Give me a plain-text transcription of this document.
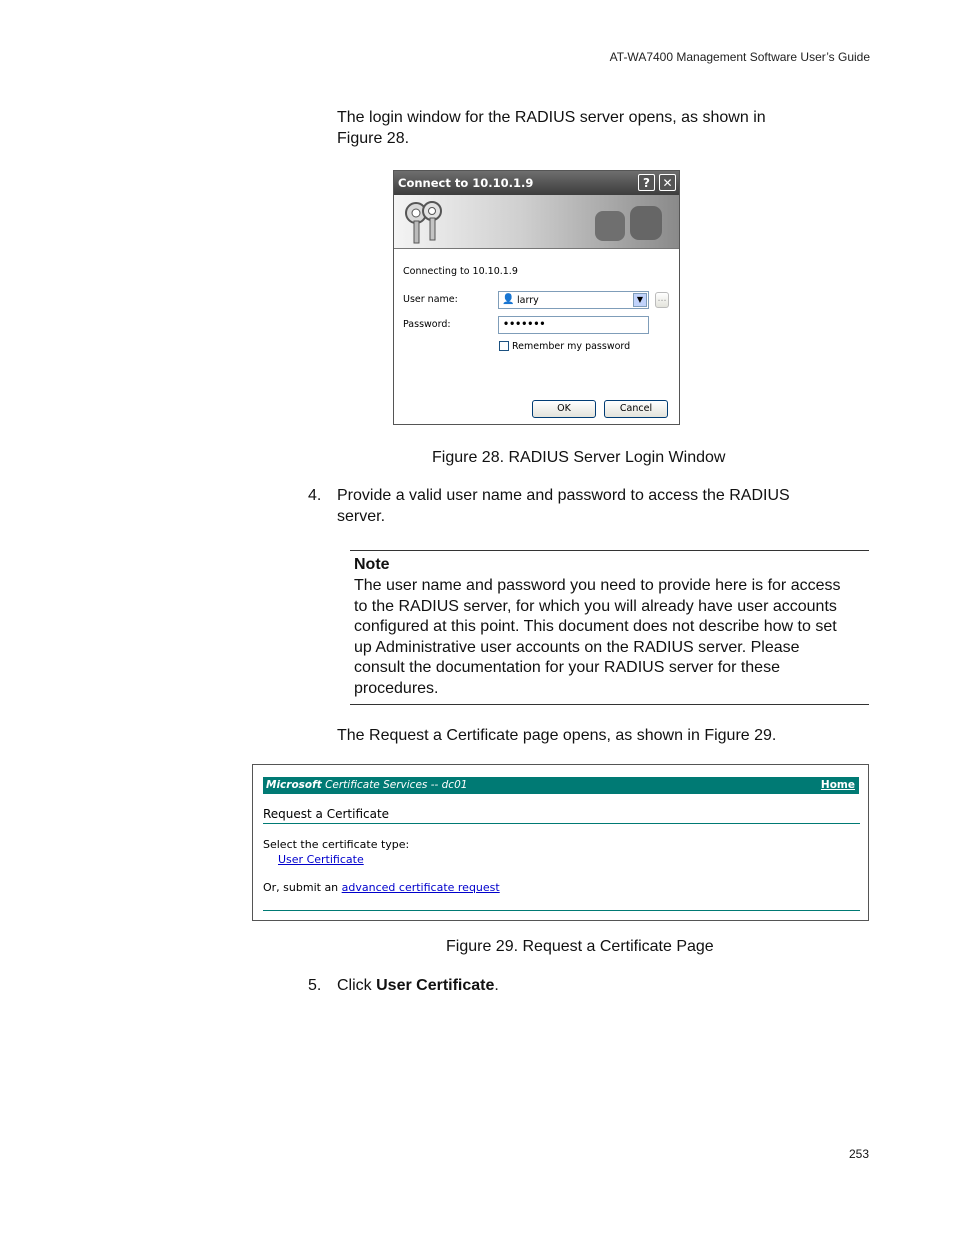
AT-WA7400 Management Software User’s Guide
The login window for the RADIUS server opens, as shown in
Figure 28.
Connect to 10.10.1.9	?	✕
Connecting to 10.10.1.9
User name:	👤 larry	▼	...
Password:	•••••••
Remember my password
OK	Cancel
Figure 28. RADIUS Server Login Window
4. Provide a valid user name and password to access the RADIUS
server.
Note
The user name and password you need to provide here is for access
to the RADIUS server, for which you will already have user accounts
configured at this point. This document does not describe how to set
up Administrative user accounts on the RADIUS server. Please
consult the documentation for your RADIUS server for these
procedures.
The Request a Certificate page opens, as shown in Figure 29.
Microsoft Certificate Services -- dc01	Home
Request a Certificate
Select the certificate type:
User Certificate
Or, submit an advanced certificate request
Figure 29. Request a Certificate Page
5. Click User Certificate.
253
